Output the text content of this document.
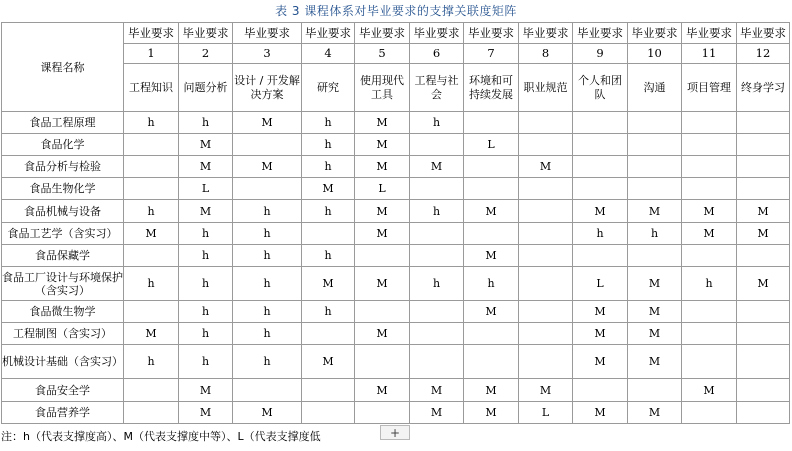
表 3 课程体系对毕业要求的支撑关联度矩阵
课程名称	毕业要求	毕业要求	毕业要求	毕业要求	毕业要求	毕业要求	毕业要求	毕业要求	毕业要求	毕业要求	毕业要求	毕业要求
	1	2	3	4	5	6	7	8	9	10	11	12
	工程知识	问题分析	设计 / 开发解决方案	研究	使用现代工具	工程与社会	环境和可持续发展	职业规范	个人和团队	沟通	项目管理	终身学习
食品工程原理	h	h	M	h	M	h						
食品化学		M		h	M		L					
食品分析与检验		M	M	h	M	M		M				
食品生物化学		L		M	L							
食品机械与设备	h	M	h	h	M	h	M		M	M	M	M
食品工艺学（含实习）	M	h	h		M				h	h	M	M
食品保藏学		h	h	h			M					
食品工厂设计与环境保护（含实习）	h	h	h	M	M	h	h		L	M	h	M
食品微生物学		h	h	h			M		M	M		
工程制图（含实习）	M	h	h		M				M	M		
机械设计基础（含实习）	h	h	h	M					M	M		
食品安全学		M			M	M	M	M			M	
食品营养学		M	M			M	M	L	M	M		
注：h（代表支撑度高）、M（代表支撑度中等）、L（代表支撑度低	+
